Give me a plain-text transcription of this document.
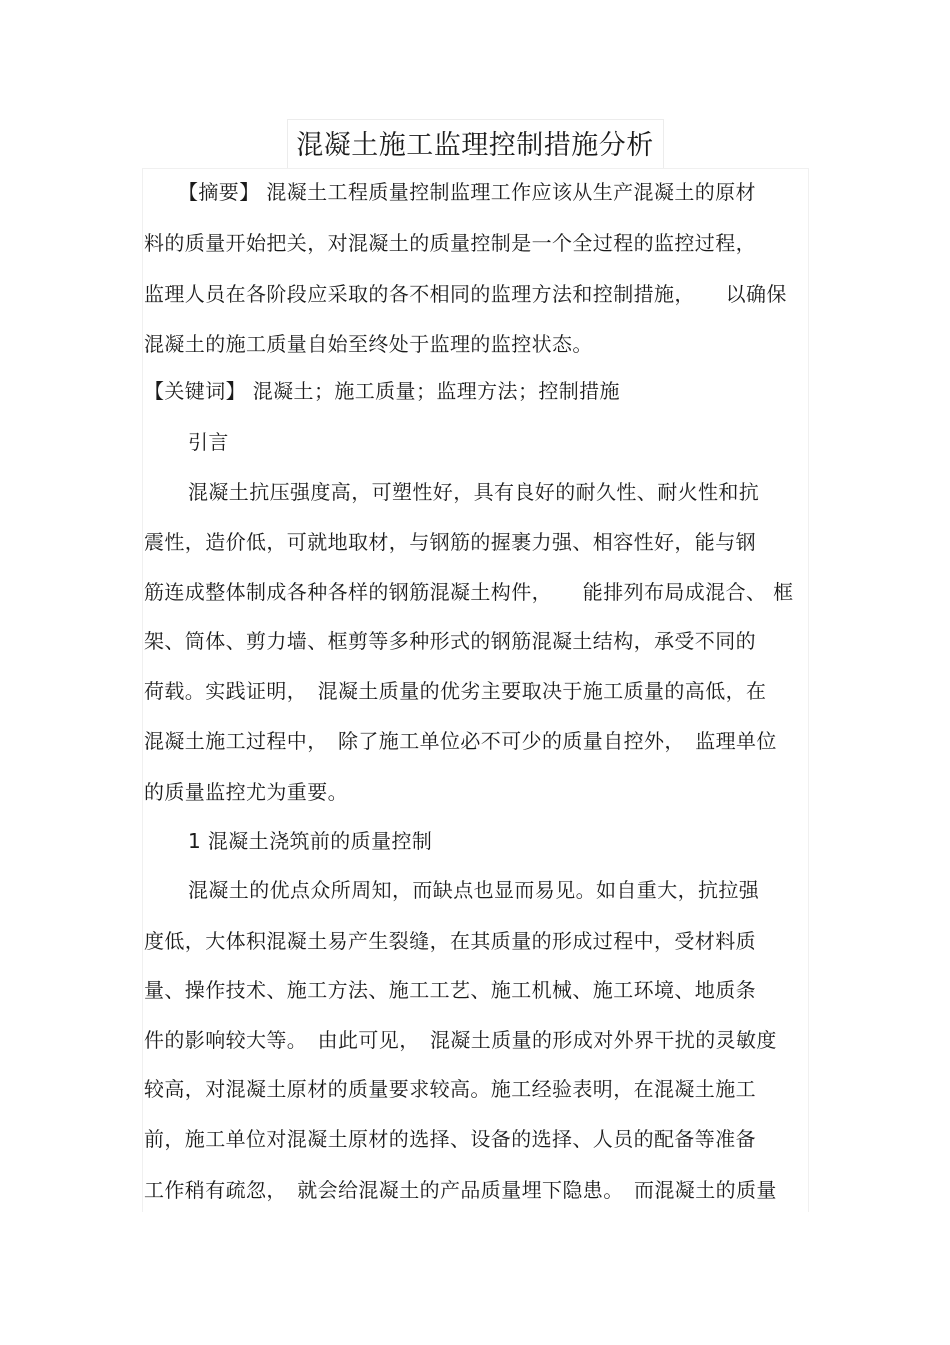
混凝土施工监理控制措施分析
【摘要】 混凝土工程质量控制监理工作应该从生产混凝土的原材
料的质量开始把关，对混凝土的质量控制是一个全过程的监控过程，
监理人员在各阶段应采取的各不相同的监理方法和控制措施，　　以确保
混凝土的施工质量自始至终处于监理的监控状态。
【关键词】 混凝土；施工质量；监理方法；控制措施
引言
混凝土抗压强度高，可塑性好，具有良好的耐久性、耐火性和抗
震性，造价低，可就地取材，与钢筋的握裹力强、相容性好，能与钢
筋连成整体制成各种各样的钢筋混凝土构件，　　能排列布局成混合、 框
架、筒体、剪力墙、框剪等多种形式的钢筋混凝土结构，承受不同的
荷载。实践证明，　混凝土质量的优劣主要取决于施工质量的高低，在
混凝土施工过程中，　除了施工单位必不可少的质量自控外，　监理单位
的质量监控尤为重要。
1 混凝土浇筑前的质量控制
混凝土的优点众所周知，而缺点也显而易见。如自重大，抗拉强
度低，大体积混凝土易产生裂缝，在其质量的形成过程中，受材料质
量、操作技术、施工方法、施工工艺、施工机械、施工环境、地质条
件的影响较大等。　由此可见，　混凝土质量的形成对外界干扰的灵敏度
较高，对混凝土原材的质量要求较高。施工经验表明，在混凝土施工
前，施工单位对混凝土原材的选择、设备的选择、人员的配备等准备
工作稍有疏忽，　就会给混凝土的产品质量埋下隐患。　而混凝土的质量
